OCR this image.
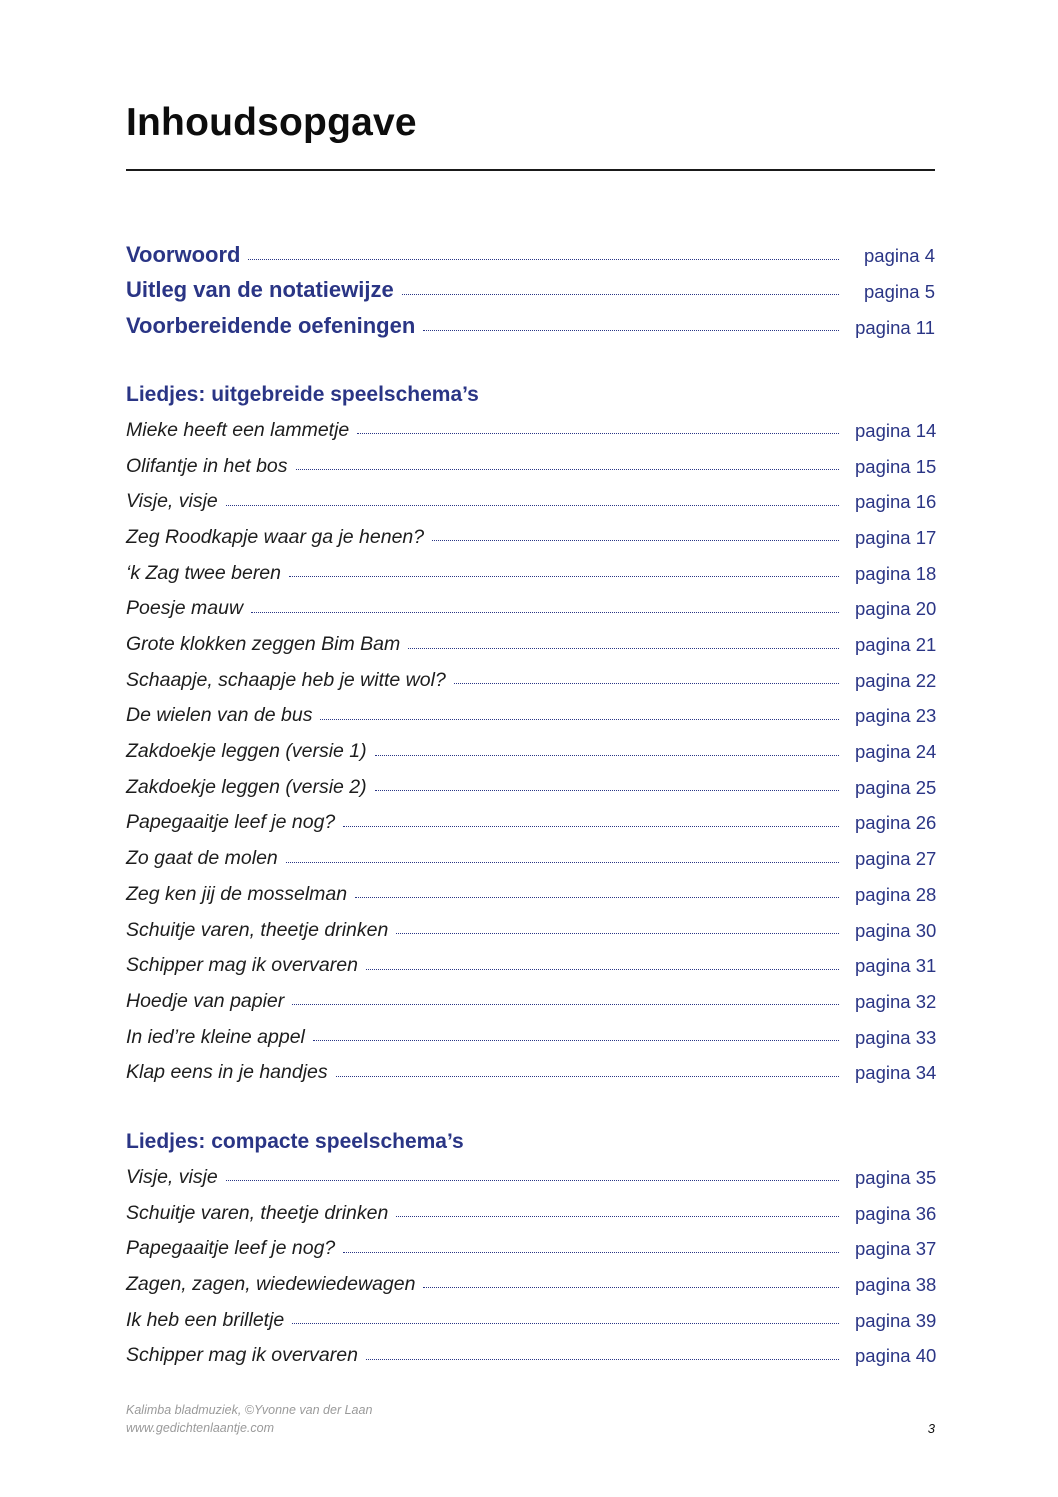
Inhoudsopgave
Voorwoord	pagina 4
Uitleg van de notatiewijze	pagina 5
Voorbereidende oefeningen	pagina 11
Liedjes: uitgebreide speelschema’s
Mieke heeft een lammetje	pagina 14
Olifantje in het bos	pagina 15
Visje, visje	pagina 16
Zeg Roodkapje waar ga je henen?	pagina 17
‘k Zag twee beren	pagina 18
Poesje mauw	pagina 20
Grote klokken zeggen Bim Bam	pagina 21
Schaapje, schaapje heb je witte wol?	pagina 22
De wielen van de bus	pagina 23
Zakdoekje leggen (versie 1)	pagina 24
Zakdoekje leggen (versie 2)	pagina 25
Papegaaitje leef je nog?	pagina 26
Zo gaat de molen	pagina 27
Zeg ken jij de mosselman	pagina 28
Schuitje varen, theetje drinken	pagina 30
Schipper mag ik overvaren	pagina 31
Hoedje van papier	pagina 32
In ied’re kleine appel	pagina 33
Klap eens in je handjes	pagina 34
Liedjes: compacte speelschema’s
Visje, visje	pagina 35
Schuitje varen, theetje drinken	pagina 36
Papegaaitje leef je nog?	pagina 37
Zagen, zagen, wiedewiedewagen	pagina 38
Ik heb een brilletje	pagina 39
Schipper mag ik overvaren	pagina 40
Kalimba bladmuziek, ©Yvonne van der Laan
www.gedichtenlaantje.com	3
